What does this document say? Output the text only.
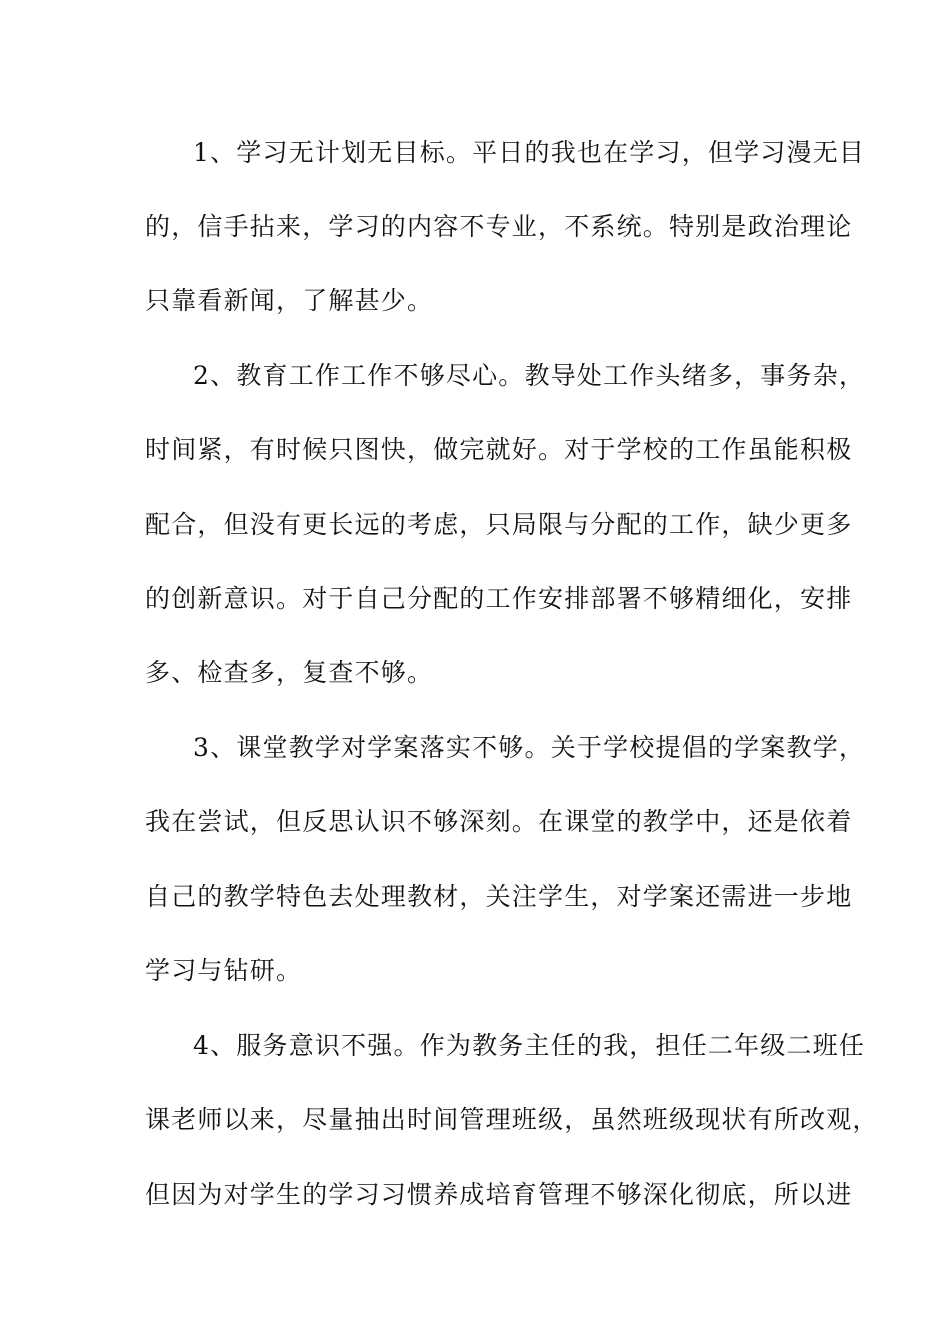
1、学习无计划无目标。平日的我也在学习，但学习漫无目
的，信手拈来，学习的内容不专业，不系统。特别是政治理论
只靠看新闻，了解甚少。
2、教育工作工作不够尽心。教导处工作头绪多，事务杂，
时间紧，有时候只图快，做完就好。对于学校的工作虽能积极
配合，但没有更长远的考虑，只局限与分配的工作，缺少更多
的创新意识。对于自己分配的工作安排部署不够精细化，安排
多、检查多，复查不够。
3、课堂教学对学案落实不够。关于学校提倡的学案教学，
我在尝试，但反思认识不够深刻。在课堂的教学中，还是依着
自己的教学特色去处理教材，关注学生，对学案还需进一步地
学习与钻研。
4、服务意识不强。作为教务主任的我，担任二年级二班任
课老师以来，尽量抽出时间管理班级，虽然班级现状有所改观，
但因为对学生的学习习惯养成培育管理不够深化彻底，所以进
